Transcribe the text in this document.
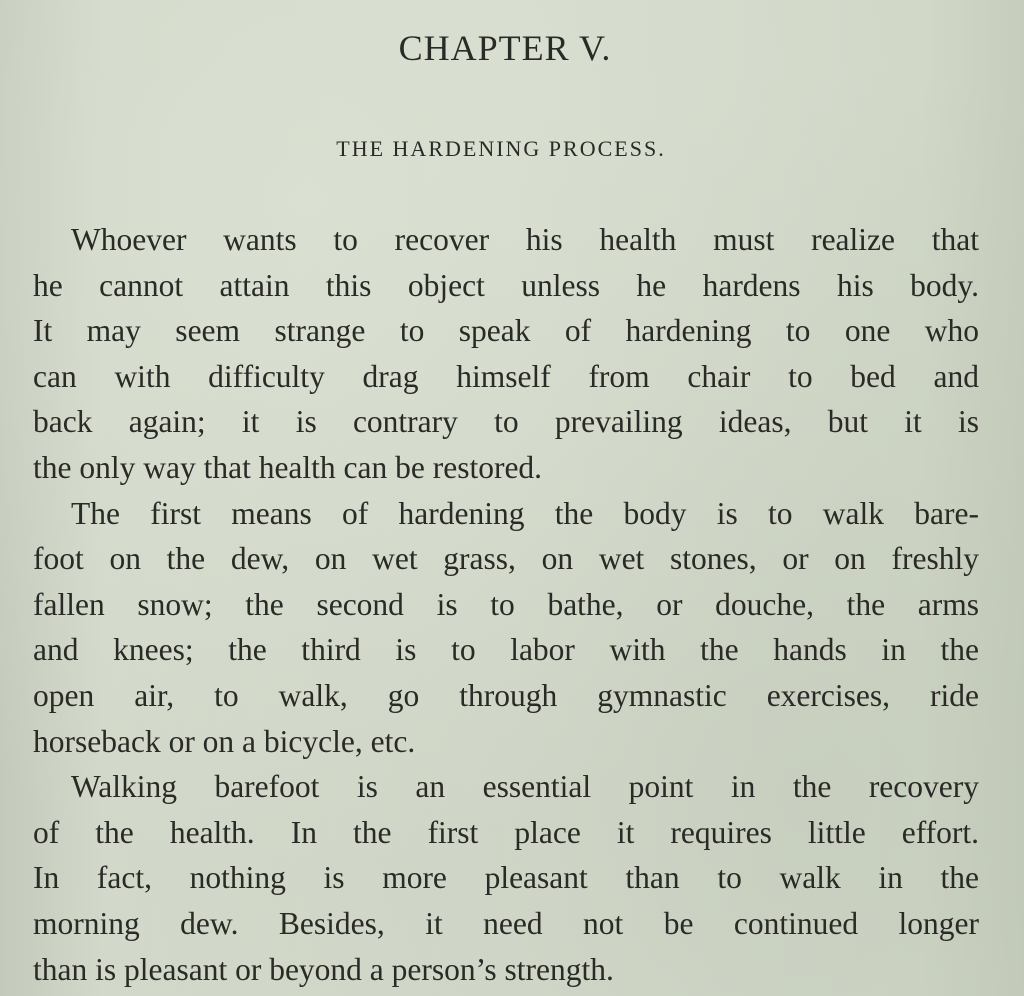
CHAPTER V.
THE HARDENING PROCESS.
Whoever wants to recover his health must realize that
he cannot attain this object unless he hardens his body.
It may seem strange to speak of hardening to one who
can with difficulty drag himself from chair to bed and
back again; it is contrary to prevailing ideas, but it is
the only way that health can be restored.
The first means of hardening the body is to walk bare-
foot on the dew, on wet grass, on wet stones, or on freshly
fallen snow; the second is to bathe, or douche, the arms
and knees; the third is to labor with the hands in the
open air, to walk, go through gymnastic exercises, ride
horseback or on a bicycle, etc.
Walking barefoot is an essential point in the recovery
of the health. In the first place it requires little effort.
In fact, nothing is more pleasant than to walk in the
morning dew. Besides, it need not be continued longer
than is pleasant or beyond a person’s strength.
